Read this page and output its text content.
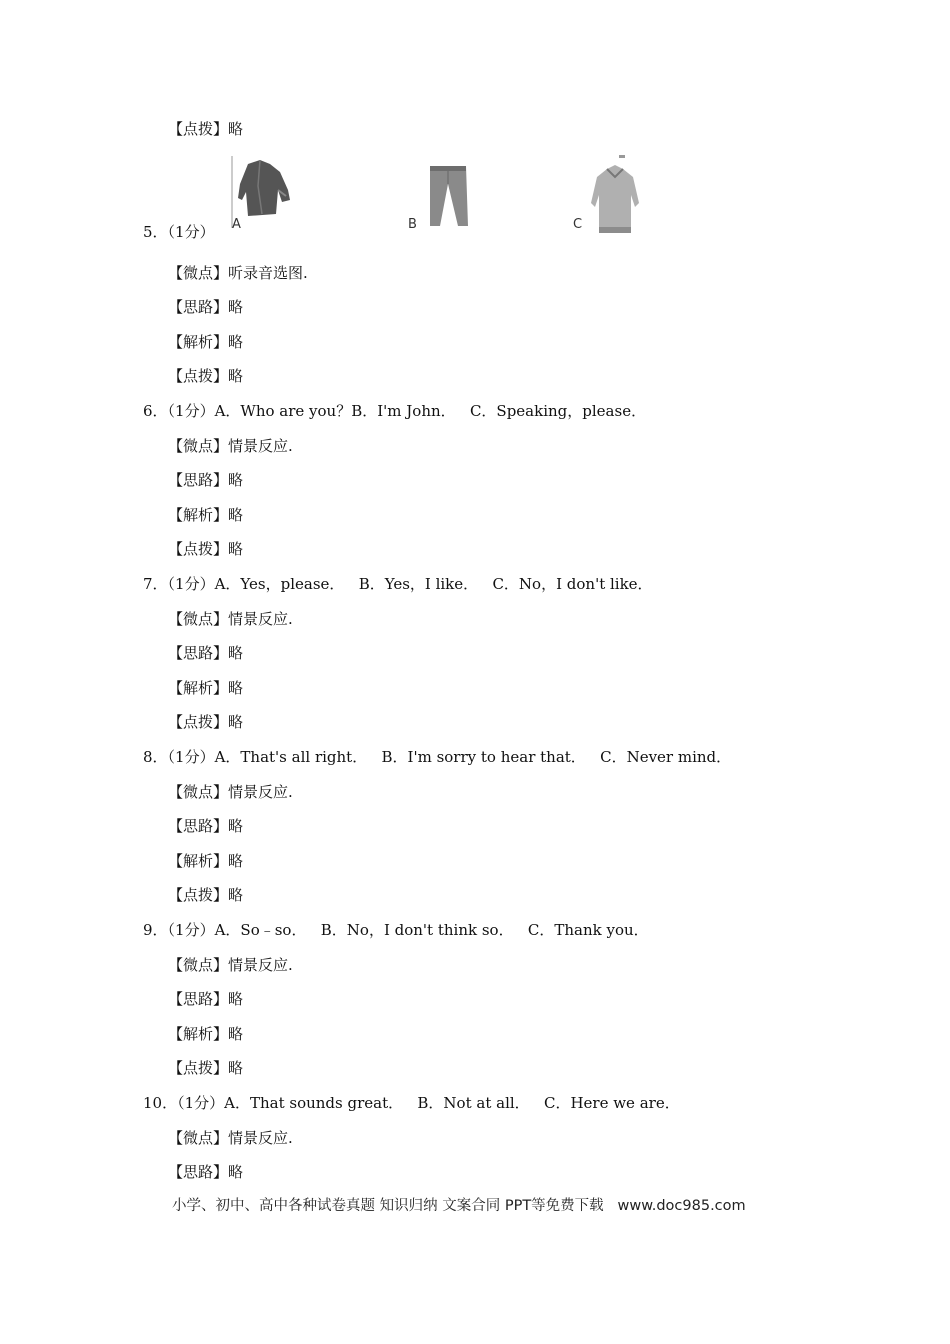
【点拨】略
5．（1分） A	B	C
【微点】听录音选图.
【思路】略
【解析】略
【点拨】略
6．（1分）A．Who are you？B．I'm John．   C．Speaking，please．
【微点】情景反应.
【思路】略
【解析】略
【点拨】略
7．（1分）A．Yes，please．   B．Yes，I like．   C．No，I don't like．
【微点】情景反应.
【思路】略
【解析】略
【点拨】略
8．（1分）A．That's all right．   B．I'm sorry to hear that．   C．Never mind．
【微点】情景反应.
【思路】略
【解析】略
【点拨】略
9．（1分）A．So﹣so．   B．No，I don't think so．   C．Thank you．
【微点】情景反应.
【思路】略
【解析】略
【点拨】略
10．（1分）A．That sounds great．   B．Not at all．   C．Here we are．
【微点】情景反应.
【思路】略
小学、初中、高中各种试卷真题 知识归纳 文案合同 PPT等免费下载   www.doc985.com
